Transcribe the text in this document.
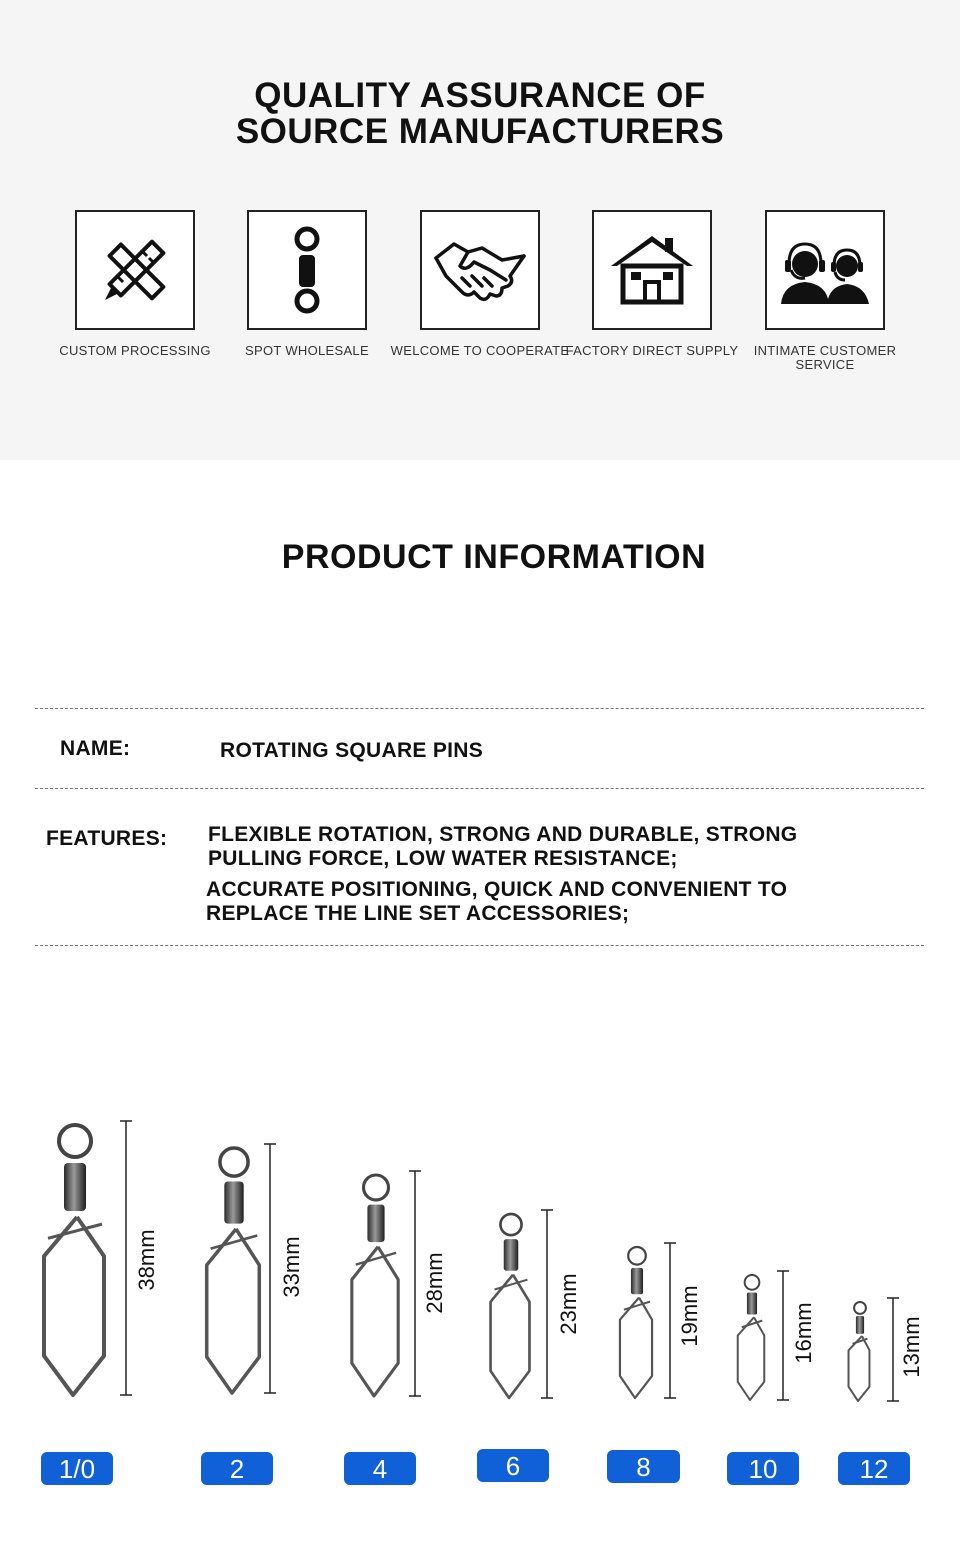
QUALITY ASSURANCE OF
SOURCE MANUFACTURERS
CUSTOM PROCESSING	SPOT WHOLESALE	WELCOME TO COOPERATE
FACTORY DIRECT SUPPLY	INTIMATE CUSTOMER SERVICE
PRODUCT INFORMATION
NAME:	ROTATING SQUARE PINS
FEATURES: FLEXIBLE ROTATION, STRONG AND DURABLE, STRONG
PULLING FORCE, LOW WATER RESISTANCE;
ACCURATE POSITIONING, QUICK AND CONVENIENT TO
REPLACE THE LINE SET ACCESSORIES;
38mm	33mm	28mm	23mm	19mm	16mm	13mm
1/0	2	4	6	8	10	12
